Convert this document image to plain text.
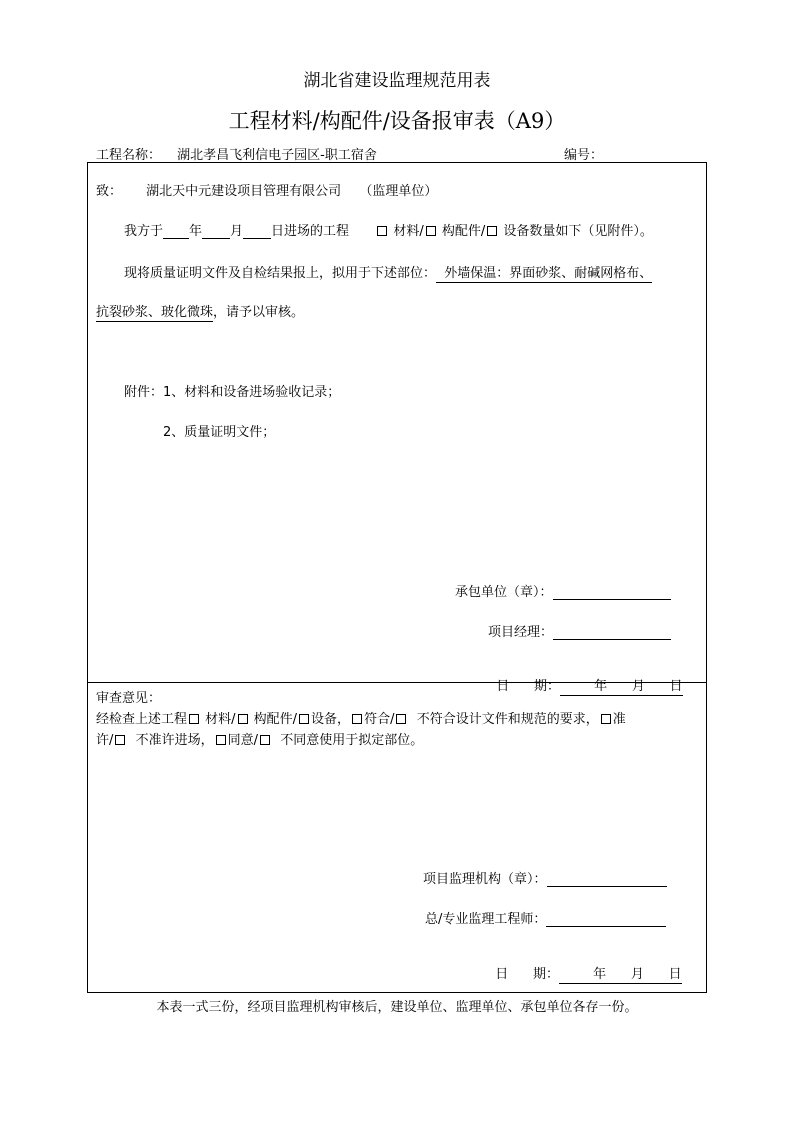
湖北省建设监理规范用表
工程材料/构配件/设备报审表（A9）
工程名称： 湖北孝昌飞利信电子园区-职工宿舍	编号：
致： 湖北天中元建设项目管理有限公司 （监理单位）
我方于 年 月 日进场的工程	材料/ 构配件/ 设备数量如下（见附件）。
现将质量证明文件及自检结果报上，拟用于下述部位：  外墙保温：界面砂浆、耐碱网格布、
抗裂砂浆、玻化微珠，请予以审核。
附件：1、材料和设备进场验收记录；
2、质量证明文件；
承包单位（章）：
项目经理：

日      期：	年      月      日

审查意见：
经检查上述工程 材料/ 构配件/ 设备， 符合/  不符合设计文件和规范的要求， 准
许/  不准许进场， 同意/  不同意使用于拟定部位。
项目监理机构（章）：
总/专业监理工程师：

日      期：	年      月      日

本表一式三份，经项目监理机构审核后，建设单位、监理单位、承包单位各存一份。
